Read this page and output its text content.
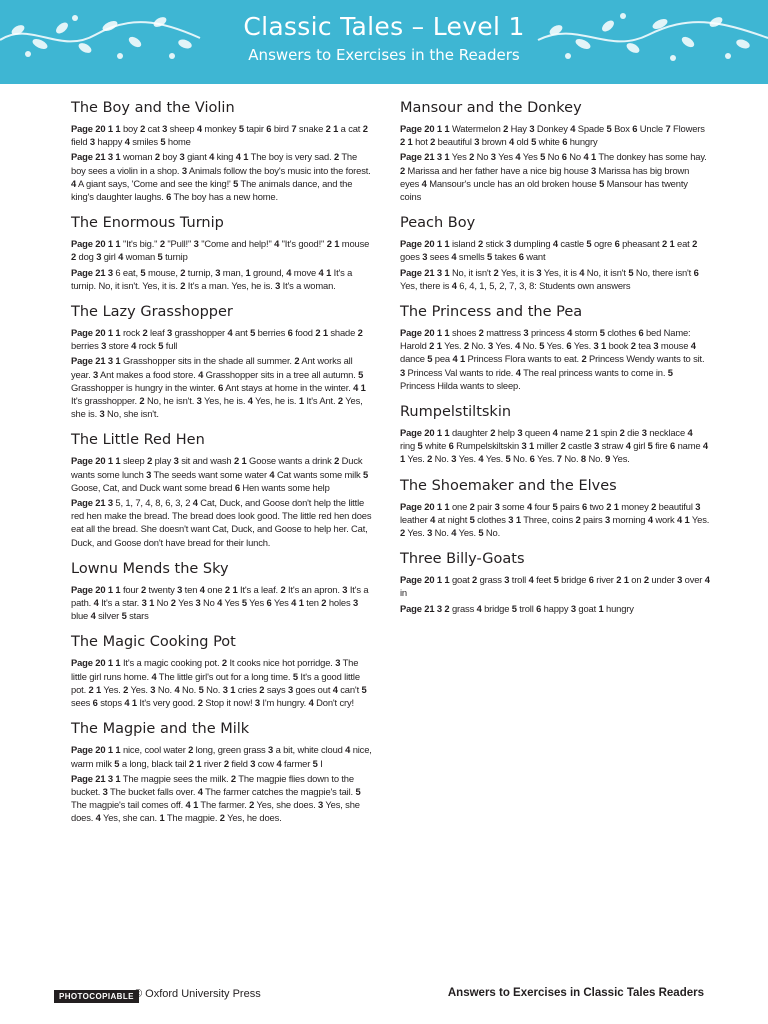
Classic Tales – Level 1
Answers to Exercises in the Readers
The Boy and the Violin

Page 20 1 1 boy 2 cat 3 sheep 4 monkey 5 tapir 6 bird 7 snake 2 1 a cat 2 field 3 happy 4 smiles 5 home

Page 21 3 1 woman 2 boy 3 giant 4 king 4 1 The boy is very sad. 2 The boy sees a violin in a shop. 3 Animals follow the boy's music into the forest. 4 A giant says, 'Come and see the king!' 5 The animals dance, and the king's daughter laughs. 6 The boy has a new home.

The Enormous Turnip

Page 20 1 1 "It's big." 2 "Pull!" 3 "Come and help!" 4 "It's good!" 2 1 mouse 2 dog 3 girl 4 woman 5 turnip

Page 21 3 6 eat, 5 mouse, 2 turnip, 3 man, 1 ground, 4 move 4 1 It's a turnip. No, it isn't. Yes, it is. 2 It's a man. Yes, he is. 3 It's a woman.

The Lazy Grasshopper

Page 20 1 1 rock 2 leaf 3 grasshopper 4 ant 5 berries 6 food 2 1 shade 2 berries 3 store 4 rock 5 full

Page 21 3 1 Grasshopper sits in the shade all summer. 2 Ant works all year. 3 Ant makes a food store. 4 Grasshopper sits in a tree all autumn. 5 Grasshopper is hungry in the winter. 6 Ant stays at home in the winter. 4 1 It's grasshopper. 2 No, he isn't. 3 Yes, he is. 4 Yes, he is. 1 It's Ant. 2 Yes, she is. 3 No, she isn't.

The Little Red Hen

Page 20 1 1 sleep 2 play 3 sit and wash 2 1 Goose wants a drink 2 Duck wants some lunch 3 The seeds want some water 4 Cat wants some milk 5 Goose, Cat, and Duck want some bread 6 Hen wants some help

Page 21 3 5, 1, 7, 4, 8, 6, 3, 2 4 Cat, Duck, and Goose don't help the little red hen make the bread. The bread does look good. The little red hen does eat all the bread. She doesn't want Cat, Duck, and Goose to help her. Cat, Duck, and Goose don't have bread for their lunch.

Lownu Mends the Sky

Page 20 1 1 four 2 twenty 3 ten 4 one 2 1 It's a leaf. 2 It's an apron. 3 It's a path. 4 It's a star. 3 1 No 2 Yes 3 No 4 Yes 5 Yes 6 Yes 4 1 ten 2 holes 3 blue 4 silver 5 stars

The Magic Cooking Pot

Page 20 1 1 It's a magic cooking pot. 2 It cooks nice hot porridge. 3 The little girl runs home. 4 The little girl's out for a long time. 5 It's a good little pot. 2 1 Yes. 2 Yes. 3 No. 4 No. 5 No. 3 1 cries 2 says 3 goes out 4 can't 5 sees 6 stops 4 1 It's very good. 2 Stop it now! 3 I'm hungry. 4 Don't cry!

The Magpie and the Milk

Page 20 1 1 nice, cool water 2 long, green grass 3 a bit, white cloud 4 nice, warm milk 5 a long, black tail 2 1 river 2 field 3 cow 4 farmer 5 I

Page 21 3 1 The magpie sees the milk. 2 The magpie flies down to the bucket. 3 The bucket falls over. 4 The farmer catches the magpie's tail. 5 The magpie's tail comes off. 4 1 The farmer. 2 Yes, she does. 3 Yes, she does. 4 Yes, she can. 1 The magpie. 2 Yes, he does.

Mansour and the Donkey

Page 20 1 1 Watermelon 2 Hay 3 Donkey 4 Spade 5 Box 6 Uncle 7 Flowers 2 1 hot 2 beautiful 3 brown 4 old 5 white 6 hungry

Page 21 3 1 Yes 2 No 3 Yes 4 Yes 5 No 6 No 4 1 The donkey has some hay. 2 Marissa and her father have a nice big house 3 Marissa has big brown eyes 4 Mansour's uncle has an old broken house 5 Mansour has twenty coins

Peach Boy

Page 20 1 1 island 2 stick 3 dumpling 4 castle 5 ogre 6 pheasant 2 1 eat 2 goes 3 sees 4 smells 5 takes 6 want

Page 21 3 1 No, it isn't 2 Yes, it is 3 Yes, it is 4 No, it isn't 5 No, there isn't 6 Yes, there is 4 6, 4, 1, 5, 2, 7, 3, 8: Students own answers

The Princess and the Pea

Page 20 1 1 shoes 2 mattress 3 princess 4 storm 5 clothes 6 bed Name: Harold 2 1 Yes. 2 No. 3 Yes. 4 No. 5 Yes. 6 Yes. 3 1 book 2 tea 3 mouse 4 dance 5 pea 4 1 Princess Flora wants to eat. 2 Princess Wendy wants to sit. 3 Princess Val wants to ride. 4 The real princess wants to come in. 5 Princess Hilda wants to sleep.

Rumpelstiltskin

Page 20 1 1 daughter 2 help 3 queen 4 name 2 1 spin 2 die 3 necklace 4 ring 5 white 6 Rumpelskiltskin 3 1 miller 2 castle 3 straw 4 girl 5 fire 6 name 4 1 Yes. 2 No. 3 Yes. 4 Yes. 5 No. 6 Yes. 7 No. 8 No. 9 Yes.

The Shoemaker and the Elves

Page 20 1 1 one 2 pair 3 some 4 four 5 pairs 6 two 2 1 money 2 beautiful 3 leather 4 at night 5 clothes 3 1 Three, coins 2 pairs 3 morning 4 work 4 1 Yes. 2 Yes. 3 No. 4 Yes. 5 No.

Three Billy-Goats

Page 20 1 1 goat 2 grass 3 troll 4 feet 5 bridge 6 river 2 1 on 2 under 3 over 4 in

Page 21 3 2 grass 4 bridge 5 troll 6 happy 3 goat 1 hungry

PHOTOCOPIABLE © Oxford University Press	Answers to Exercises in Classic Tales Readers
